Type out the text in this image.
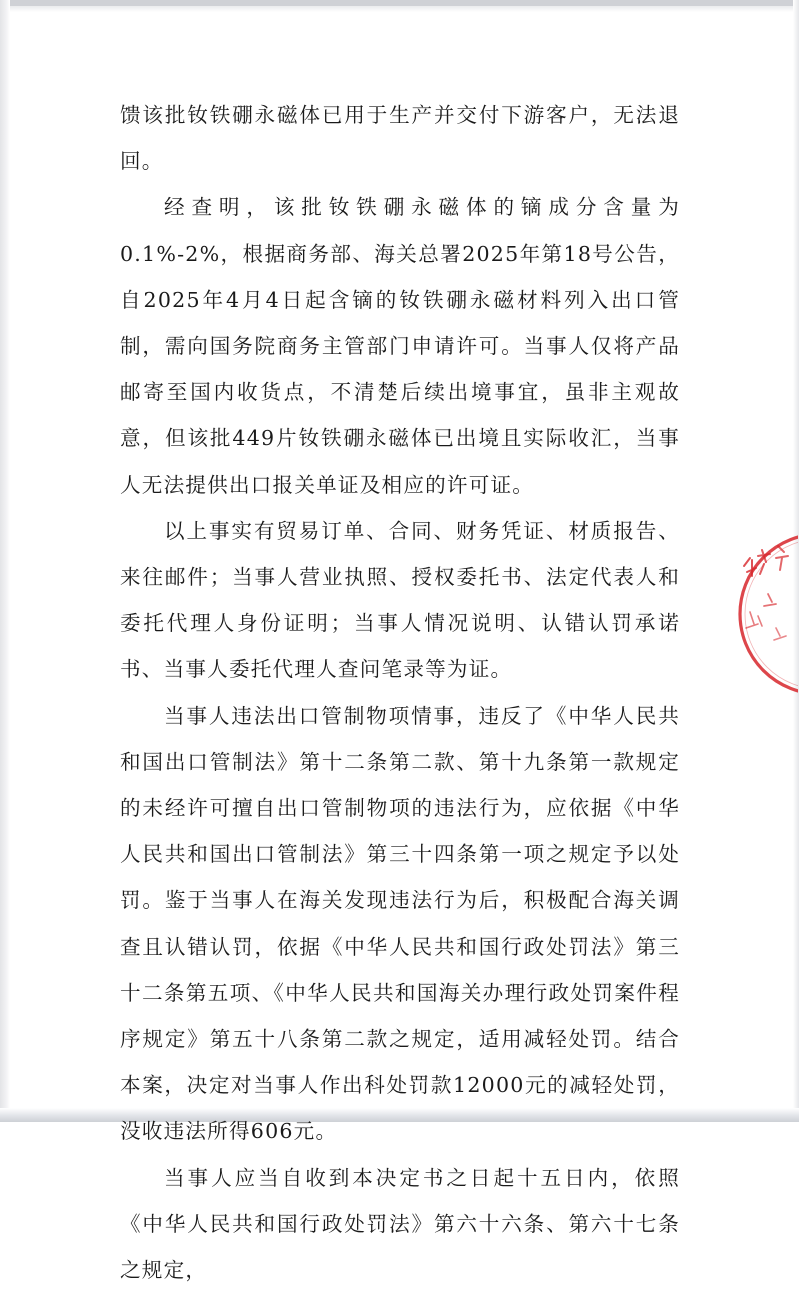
馈该批钕铁硼永磁体已用于生产并交付下游客户，无法退回。

经查明，该批钕铁硼永磁体的镝成分含量为0.1%-2%，根据商务部、海关总署2025年第18号公告，自2025年4月4日起含镝的钕铁硼永磁材料列入出口管制，需向国务院商务主管部门申请许可。当事人仅将产品邮寄至国内收货点，不清楚后续出境事宜，虽非主观故意，但该批449片钕铁硼永磁体已出境且实际收汇，当事人无法提供出口报关单证及相应的许可证。

以上事实有贸易订单、合同、财务凭证、材质报告、来往邮件；当事人营业执照、授权委托书、法定代表人和委托代理人身份证明；当事人情况说明、认错认罚承诺书、当事人委托代理人查问笔录等为证。

当事人违法出口管制物项情事，违反了《中华人民共和国出口管制法》第十二条第二款、第十九条第一款规定的未经许可擅自出口管制物项的违法行为，应依据《中华人民共和国出口管制法》第三十四条第一项之规定予以处罚。鉴于当事人在海关发现违法行为后，积极配合海关调查且认错认罚，依据《中华人民共和国行政处罚法》第三十二条第五项、《中华人民共和国海关办理行政处罚案件程序规定》第五十八条第二款之规定，适用减轻处罚。结合本案，决定对当事人作出科处罚款12000元的减轻处罚，没收违法所得606元。

当事人应当自收到本决定书之日起十五日内，依照《中华人民共和国行政处罚法》第六十六条、第六十七条之规定，
